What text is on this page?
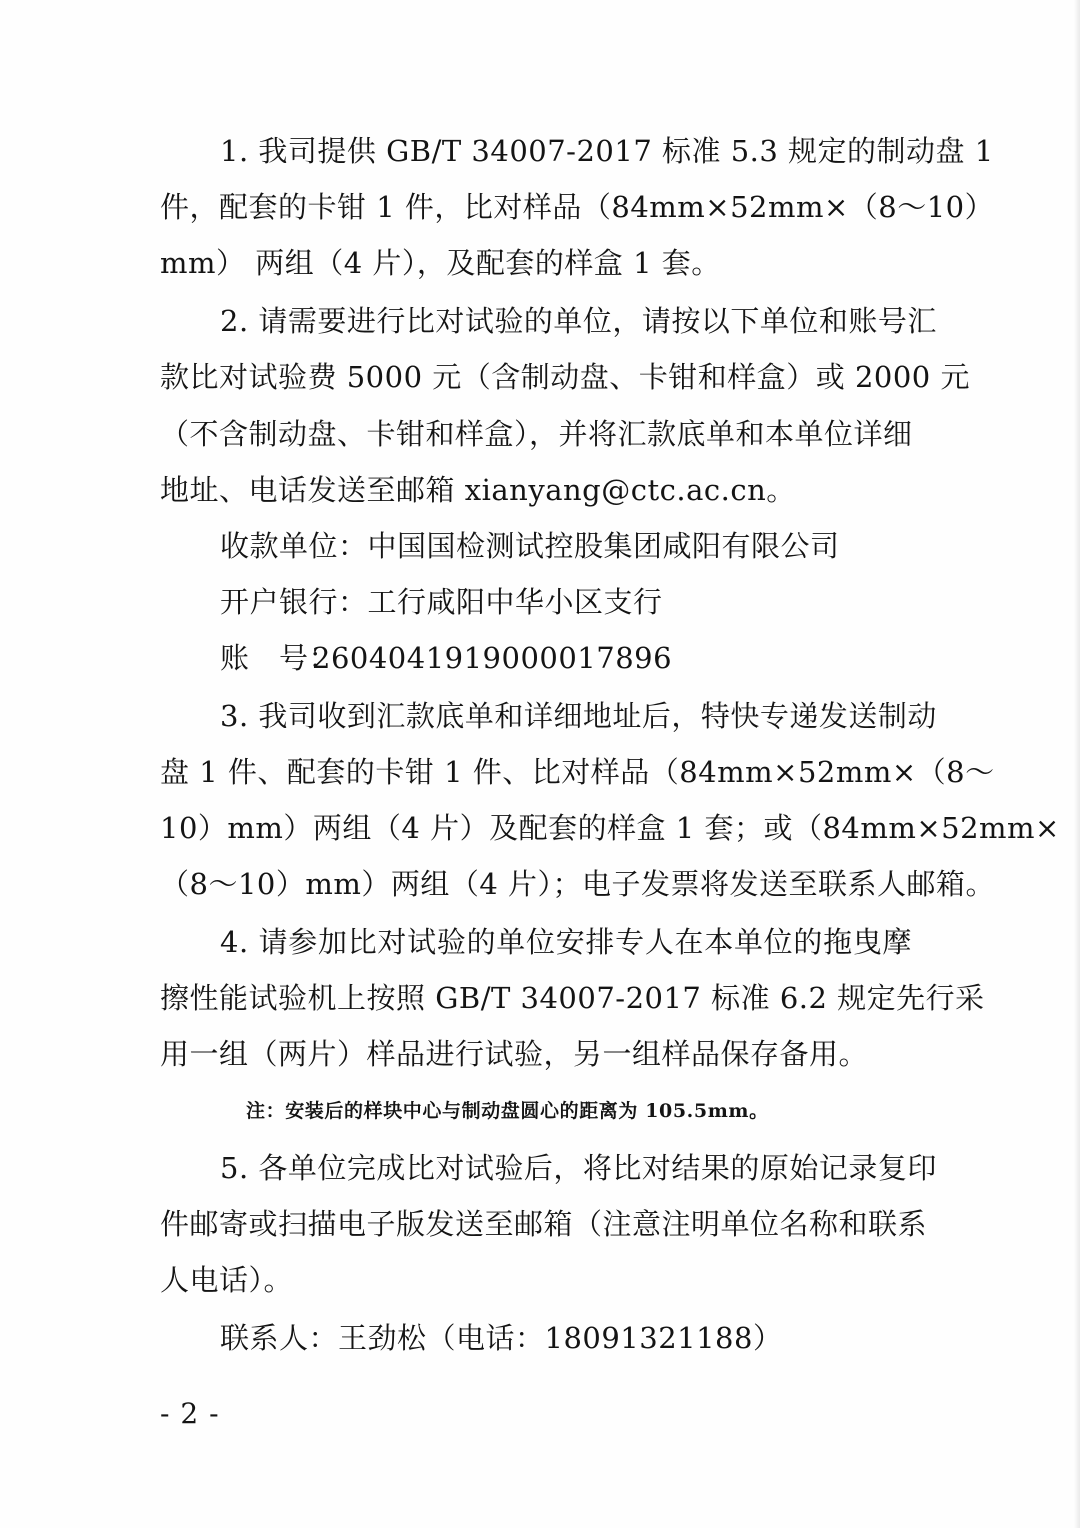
1. 我司提供 GB/T 34007-2017 标准 5.3 规定的制动盘 1
件，配套的卡钳 1 件，比对样品（84mm×52mm×（8～10）
mm） 两组（4 片），及配套的样盒 1 套。
2. 请需要进行比对试验的单位，请按以下单位和账号汇
款比对试验费 5000 元（含制动盘、卡钳和样盒）或 2000 元
（不含制动盘、卡钳和样盒），并将汇款底单和本单位详细
地址、电话发送至邮箱 xianyang@ctc.ac.cn。
收款单位：中国国检测试控股集团咸阳有限公司
开户银行：工行咸阳中华小区支行
账　号：2604041919000017896
3. 我司收到汇款底单和详细地址后，特快专递发送制动
盘 1 件、配套的卡钳 1 件、比对样品（84mm×52mm×（8～
10）mm）两组（4 片）及配套的样盒 1 套；或（84mm×52mm×
（8～10）mm）两组（4 片）；电子发票将发送至联系人邮箱。
4. 请参加比对试验的单位安排专人在本单位的拖曳摩
擦性能试验机上按照 GB/T 34007-2017 标准 6.2 规定先行采
用一组（两片）样品进行试验，另一组样品保存备用。
注：安装后的样块中心与制动盘圆心的距离为 105.5mm。
5. 各单位完成比对试验后，将比对结果的原始记录复印
件邮寄或扫描电子版发送至邮箱（注意注明单位名称和联系
人电话）。
联系人：王劲松（电话：18091321188）
- 2 -
